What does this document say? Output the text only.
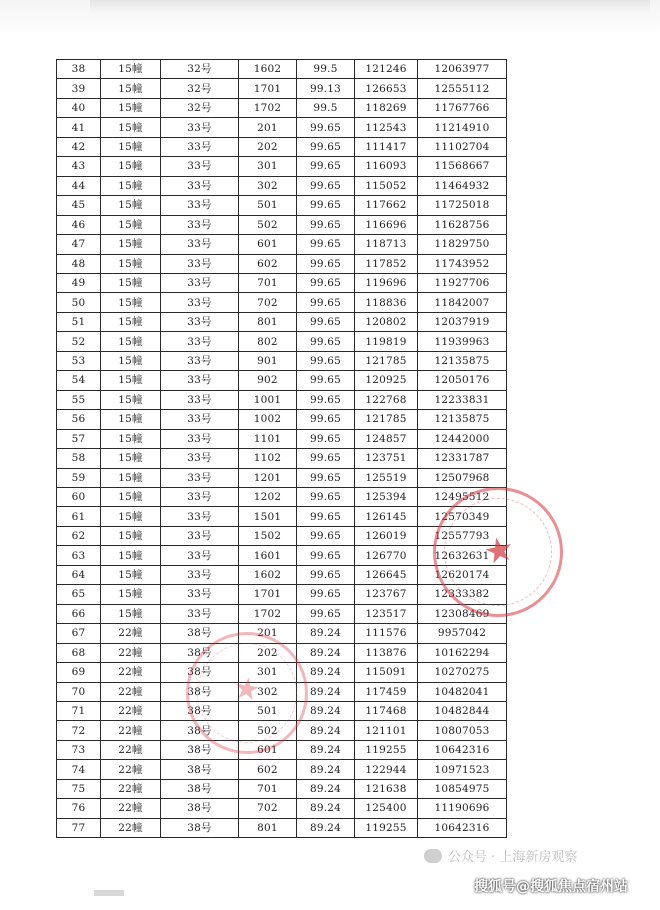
38	15幢	32号	1602	99.5	121246	12063977
39	15幢	32号	1701	99.13	126653	12555112
40	15幢	32号	1702	99.5	118269	11767766
41	15幢	33号	201	99.65	112543	11214910
42	15幢	33号	202	99.65	111417	11102704
43	15幢	33号	301	99.65	116093	11568667
44	15幢	33号	302	99.65	115052	11464932
45	15幢	33号	501	99.65	117662	11725018
46	15幢	33号	502	99.65	116696	11628756
47	15幢	33号	601	99.65	118713	11829750
48	15幢	33号	602	99.65	117852	11743952
49	15幢	33号	701	99.65	119696	11927706
50	15幢	33号	702	99.65	118836	11842007
51	15幢	33号	801	99.65	120802	12037919
52	15幢	33号	802	99.65	119819	11939963
53	15幢	33号	901	99.65	121785	12135875
54	15幢	33号	902	99.65	120925	12050176
55	15幢	33号	1001	99.65	122768	12233831
56	15幢	33号	1002	99.65	121785	12135875
57	15幢	33号	1101	99.65	124857	12442000
58	15幢	33号	1102	99.65	123751	12331787
59	15幢	33号	1201	99.65	125519	12507968
60	15幢	33号	1202	99.65	125394	12495512
61	15幢	33号	1501	99.65	126145	12570349
62	15幢	33号	1502	99.65	126019	12557793
63	15幢	33号	1601	99.65	126770	12632631
64	15幢	33号	1602	99.65	126645	12620174
65	15幢	33号	1701	99.65	123767	12333382
66	15幢	33号	1702	99.65	123517	12308469
67	22幢	38号	201	89.24	111576	9957042
68	22幢	38号	202	89.24	113876	10162294
69	22幢	38号	301	89.24	115091	10270275
70	22幢	38号	302	89.24	117459	10482041
71	22幢	38号	501	89.24	117468	10482844
72	22幢	38号	502	89.24	121101	10807053
73	22幢	38号	601	89.24	119255	10642316
74	22幢	38号	602	89.24	122944	10971523
75	22幢	38号	701	89.24	121638	10854975
76	22幢	38号	702	89.24	125400	11190696
77	22幢	38号	801	89.24	119255	10642316
★
★
公众号 · 上海新房观察
搜狐号@搜狐焦点宿州站
